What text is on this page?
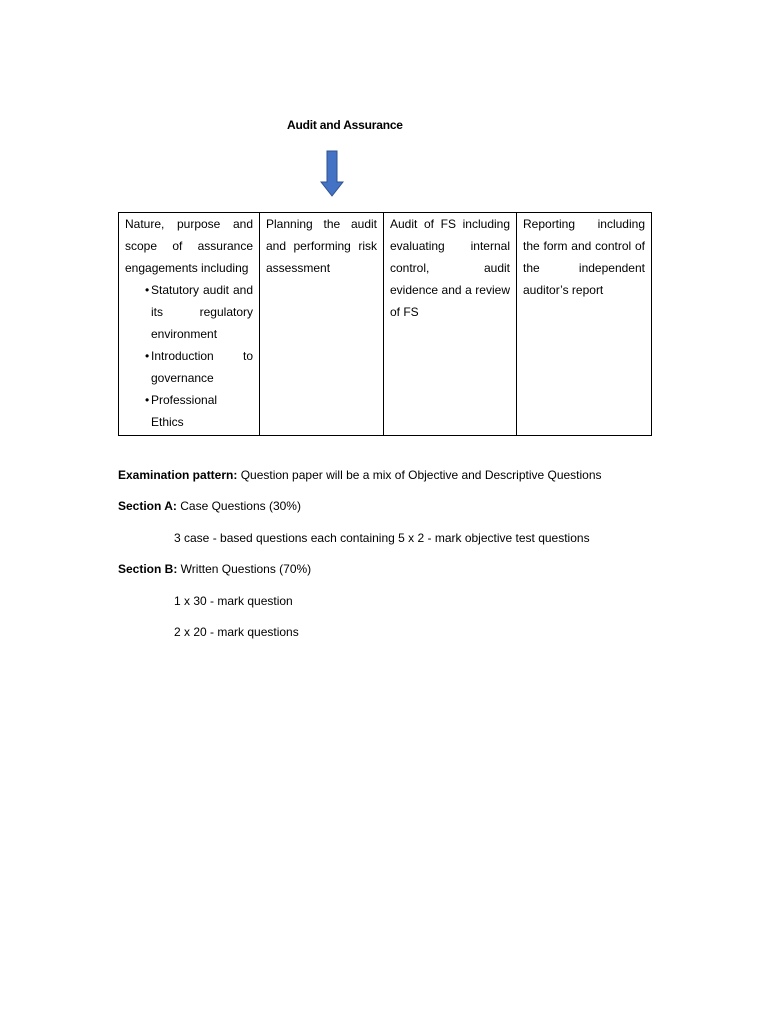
Audit and Assurance
Nature, purpose and scope of assurance engagements including
• Statutory audit and its regulatory environment
• Introduction to governance
• Professional Ethics
	Planning the audit and performing risk assessment	Audit of FS including evaluating internal control, audit evidence and a review of FS	Reporting including the form and control of the independent auditor’s report
Examination pattern: Question paper will be a mix of Objective and Descriptive Questions
Section A: Case Questions (30%)
3 case - based questions each containing 5 x 2 - mark objective test questions
Section B: Written Questions (70%)
1 x 30 - mark question
2 x 20 - mark questions
